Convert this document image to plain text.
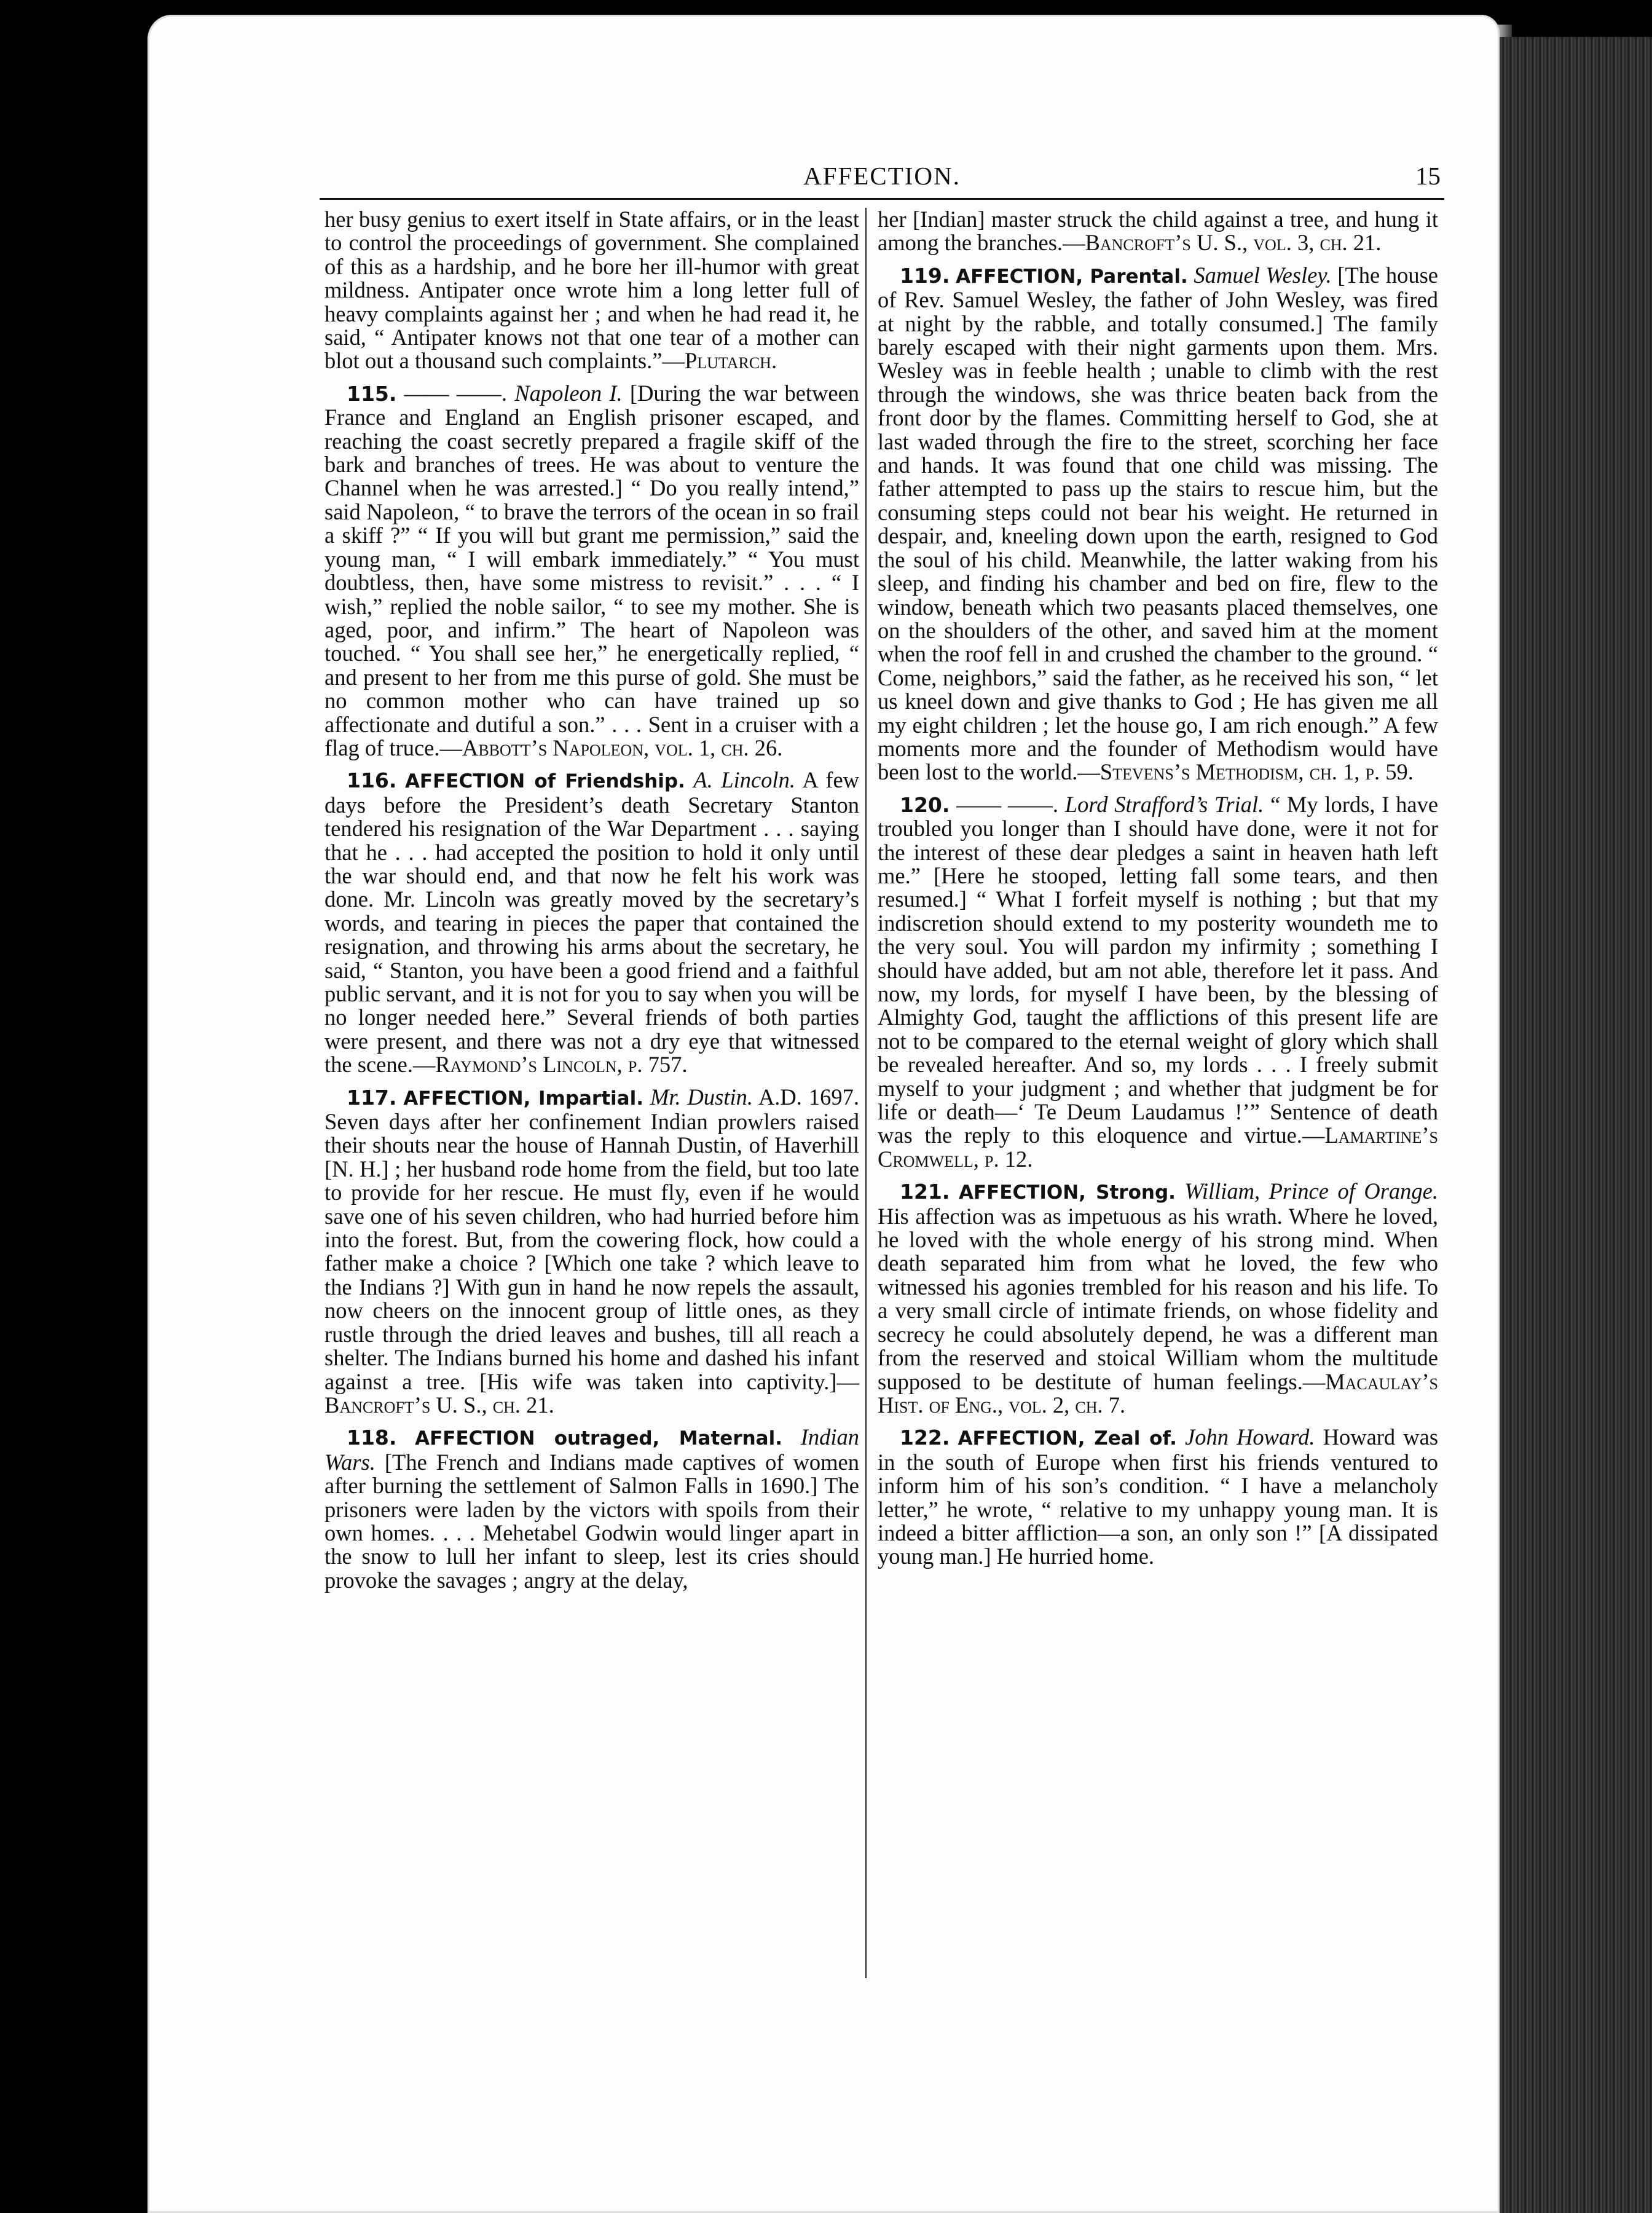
AFFECTION.	15

her busy genius to exert itself in State affairs, or in the least to control the proceedings of government. She complained of this as a hardship, and he bore her ill-humor with great mildness. Antipater once wrote him a long letter full of heavy complaints against her ; and when he had read it, he said, “ Antipater knows not that one tear of a mother can blot out a thousand such complaints.”—Plutarch.

115. —— ——. Napoleon I. [During the war between France and England an English prisoner escaped, and reaching the coast secretly prepared a fragile skiff of the bark and branches of trees. He was about to venture the Channel when he was arrested.] “ Do you really intend,” said Napoleon, “ to brave the terrors of the ocean in so frail a skiff ?” “ If you will but grant me permission,” said the young man, “ I will embark immediately.” “ You must doubtless, then, have some mistress to revisit.” . . . “ I wish,” replied the noble sailor, “ to see my mother. She is aged, poor, and infirm.” The heart of Napoleon was touched. “ You shall see her,” he energetically replied, “ and present to her from me this purse of gold. She must be no common mother who can have trained up so affectionate and dutiful a son.” . . . Sent in a cruiser with a flag of truce.—Abbott’s Napoleon, vol. 1, ch. 26.

116. AFFECTION of Friendship. A. Lincoln. A few days before the President’s death Secretary Stanton tendered his resignation of the War Department . . . saying that he . . . had accepted the position to hold it only until the war should end, and that now he felt his work was done. Mr. Lincoln was greatly moved by the secretary’s words, and tearing in pieces the paper that contained the resignation, and throwing his arms about the secretary, he said, “ Stanton, you have been a good friend and a faithful public servant, and it is not for you to say when you will be no longer needed here.” Several friends of both parties were present, and there was not a dry eye that witnessed the scene.—Raymond’s Lincoln, p. 757.

117. AFFECTION, Impartial. Mr. Dustin. A.D. 1697. Seven days after her confinement Indian prowlers raised their shouts near the house of Hannah Dustin, of Haverhill [N. H.] ; her husband rode home from the field, but too late to provide for her rescue. He must fly, even if he would save one of his seven children, who had hurried before him into the forest. But, from the cowering flock, how could a father make a choice ? [Which one take ? which leave to the Indians ?] With gun in hand he now repels the assault, now cheers on the innocent group of little ones, as they rustle through the dried leaves and bushes, till all reach a shelter. The Indians burned his home and dashed his infant against a tree. [His wife was taken into captivity.]—Bancroft’s U. S., ch. 21.

118. AFFECTION outraged, Maternal. Indian Wars. [The French and Indians made captives of women after burning the settlement of Salmon Falls in 1690.] The prisoners were laden by the victors with spoils from their own homes. . . . Mehetabel Godwin would linger apart in the snow to lull her infant to sleep, lest its cries should provoke the savages ; angry at the delay,

her [Indian] master struck the child against a tree, and hung it among the branches.—Bancroft’s U. S., vol. 3, ch. 21.

119. AFFECTION, Parental. Samuel Wesley. [The house of Rev. Samuel Wesley, the father of John Wesley, was fired at night by the rabble, and totally consumed.] The family barely escaped with their night garments upon them. Mrs. Wesley was in feeble health ; unable to climb with the rest through the windows, she was thrice beaten back from the front door by the flames. Committing herself to God, she at last waded through the fire to the street, scorching her face and hands. It was found that one child was missing. The father attempted to pass up the stairs to rescue him, but the consuming steps could not bear his weight. He returned in despair, and, kneeling down upon the earth, resigned to God the soul of his child. Meanwhile, the latter waking from his sleep, and finding his chamber and bed on fire, flew to the window, beneath which two peasants placed themselves, one on the shoulders of the other, and saved him at the moment when the roof fell in and crushed the chamber to the ground. “ Come, neighbors,” said the father, as he received his son, “ let us kneel down and give thanks to God ; He has given me all my eight children ; let the house go, I am rich enough.” A few moments more and the founder of Methodism would have been lost to the world.—Stevens’s Methodism, ch. 1, p. 59.

120. —— ——. Lord Strafford’s Trial. “ My lords, I have troubled you longer than I should have done, were it not for the interest of these dear pledges a saint in heaven hath left me.” [Here he stooped, letting fall some tears, and then resumed.] “ What I forfeit myself is nothing ; but that my indiscretion should extend to my posterity woundeth me to the very soul. You will pardon my infirmity ; something I should have added, but am not able, therefore let it pass. And now, my lords, for myself I have been, by the blessing of Almighty God, taught the afflictions of this present life are not to be compared to the eternal weight of glory which shall be revealed hereafter. And so, my lords . . . I freely submit myself to your judgment ; and whether that judgment be for life or death—‘ Te Deum Laudamus !’” Sentence of death was the reply to this eloquence and virtue.—Lamartine’s Cromwell, p. 12.

121. AFFECTION, Strong. William, Prince of Orange. His affection was as impetuous as his wrath. Where he loved, he loved with the whole energy of his strong mind. When death separated him from what he loved, the few who witnessed his agonies trembled for his reason and his life. To a very small circle of intimate friends, on whose fidelity and secrecy he could absolutely depend, he was a different man from the reserved and stoical William whom the multitude supposed to be destitute of human feelings.—Macaulay’s Hist. of Eng., vol. 2, ch. 7.

122. AFFECTION, Zeal of. John Howard. Howard was in the south of Europe when first his friends ventured to inform him of his son’s condition. “ I have a melancholy letter,” he wrote, “ relative to my unhappy young man. It is indeed a bitter affliction—a son, an only son !” [A dissipated young man.] He hurried home.
